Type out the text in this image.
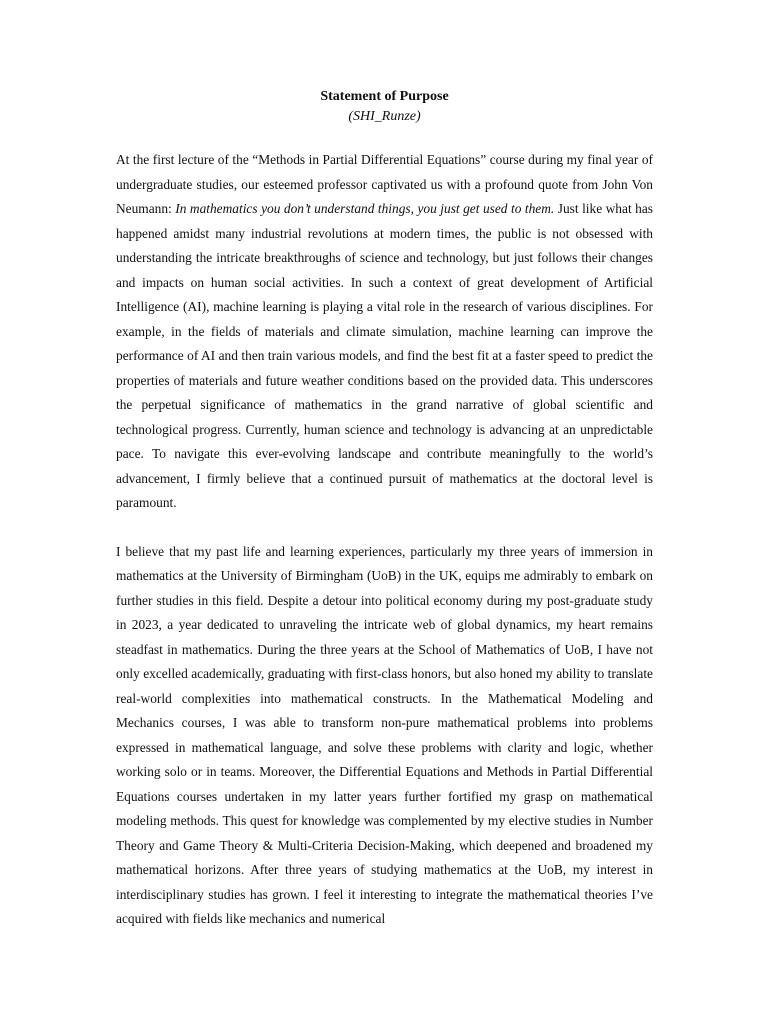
Statement of Purpose

(SHI_Runze)

At the first lecture of the “Methods in Partial Differential Equations” course during my final year of undergraduate studies, our esteemed professor captivated us with a profound quote from John Von Neumann: In mathematics you don’t understand things, you just get used to them. Just like what has happened amidst many industrial revolutions at modern times, the public is not obsessed with understanding the intricate breakthroughs of science and technology, but just follows their changes and impacts on human social activities. In such a context of great development of Artificial Intelligence (AI), machine learning is playing a vital role in the research of various disciplines. For example, in the fields of materials and climate simulation, machine learning can improve the performance of AI and then train various models, and find the best fit at a faster speed to predict the properties of materials and future weather conditions based on the provided data. This underscores the perpetual significance of mathematics in the grand narrative of global scientific and technological progress. Currently, human science and technology is advancing at an unpredictable pace. To navigate this ever-evolving landscape and contribute meaningfully to the world’s advancement, I firmly believe that a continued pursuit of mathematics at the doctoral level is paramount.

I believe that my past life and learning experiences, particularly my three years of immersion in mathematics at the University of Birmingham (UoB) in the UK, equips me admirably to embark on further studies in this field. Despite a detour into political economy during my post-graduate study in 2023, a year dedicated to unraveling the intricate web of global dynamics, my heart remains steadfast in mathematics. During the three years at the School of Mathematics of UoB, I have not only excelled academically, graduating with first-class honors, but also honed my ability to translate real-world complexities into mathematical constructs. In the Mathematical Modeling and Mechanics courses, I was able to transform non-pure mathematical problems into problems expressed in mathematical language, and solve these problems with clarity and logic, whether working solo or in teams. Moreover, the Differential Equations and Methods in Partial Differential Equations courses undertaken in my latter years further fortified my grasp on mathematical modeling methods. This quest for knowledge was complemented by my elective studies in Number Theory and Game Theory & Multi-Criteria Decision-Making, which deepened and broadened my mathematical horizons. After three years of studying mathematics at the UoB, my interest in interdisciplinary studies has grown. I feel it interesting to integrate the mathematical theories I’ve acquired with fields like mechanics and numerical
